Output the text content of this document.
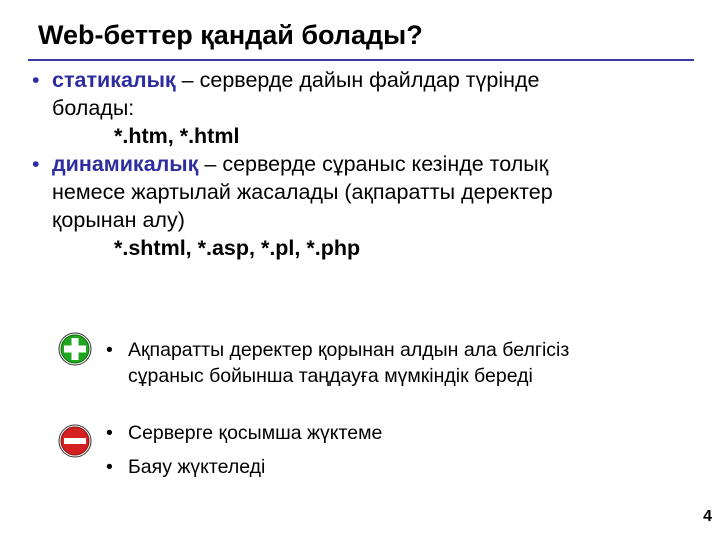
Web-беттер қандай болады?
• статикалық – серверде дайын файлдар түрінде
болады:
*.htm, *.html
• динамикалық – серверде сұраныс кезінде толық
немесе жартылай жасалады (ақпаратты деректер
қорынан алу)
*.shtml, *.asp, *.pl, *.php
• Ақпаратты деректер қорынан алдын ала белгісіз
сұраныс бойынша таңдауға мүмкіндік береді
• Серверге қосымша жүктеме
• Баяу жүктеледі
4
